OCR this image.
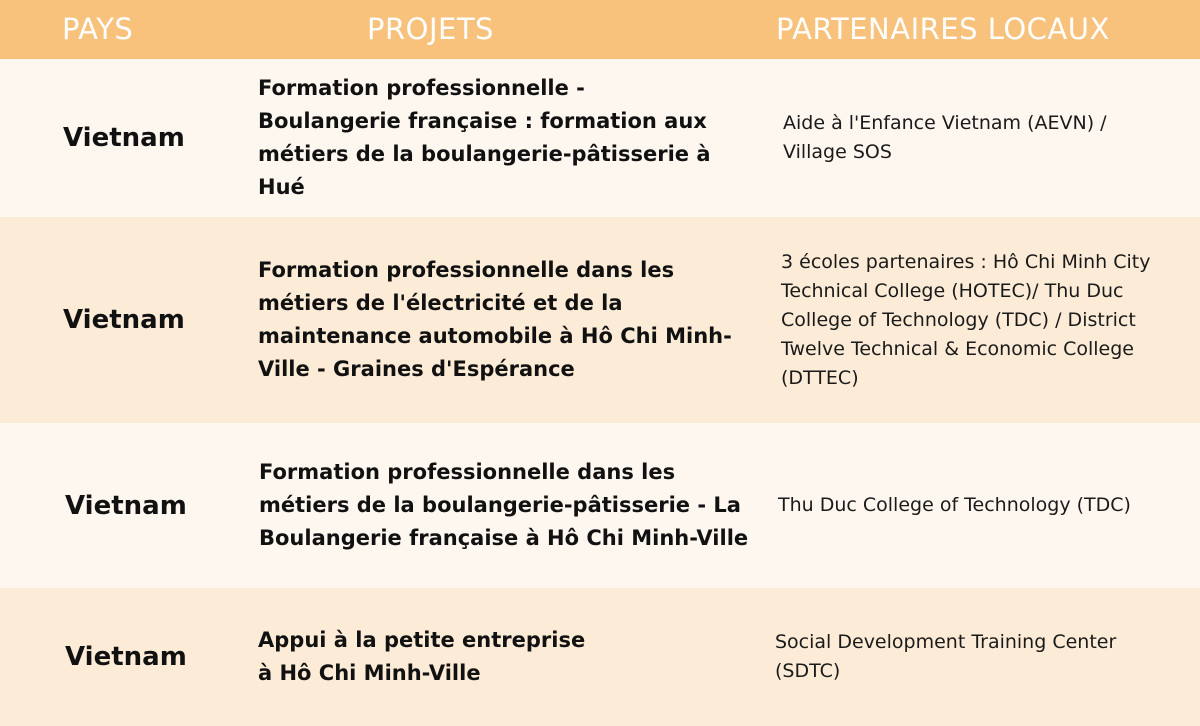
PAYS	PROJETS	PARTENAIRES LOCAUX
Vietnam
Formation professionnelle - Boulangerie française : formation aux métiers de la boulangerie-pâtisserie à Hué
Aide à l'Enfance Vietnam (AEVN) / Village SOS
Vietnam
Formation professionnelle dans les métiers de l'électricité et de la maintenance automobile à Hô Chi Minh-Ville - Graines d'Espérance
3 écoles partenaires : Hô Chi Minh City Technical College (HOTEC)/ Thu Duc College of Technology (TDC) / District Twelve Technical & Economic College (DTTEC)
Vietnam
Formation professionnelle dans les métiers de la boulangerie-pâtisserie - La Boulangerie française à Hô Chi Minh-Ville
Thu Duc College of Technology (TDC)
Vietnam
Appui à la petite entreprise à Hô Chi Minh-Ville
Social Development Training Center (SDTC)
